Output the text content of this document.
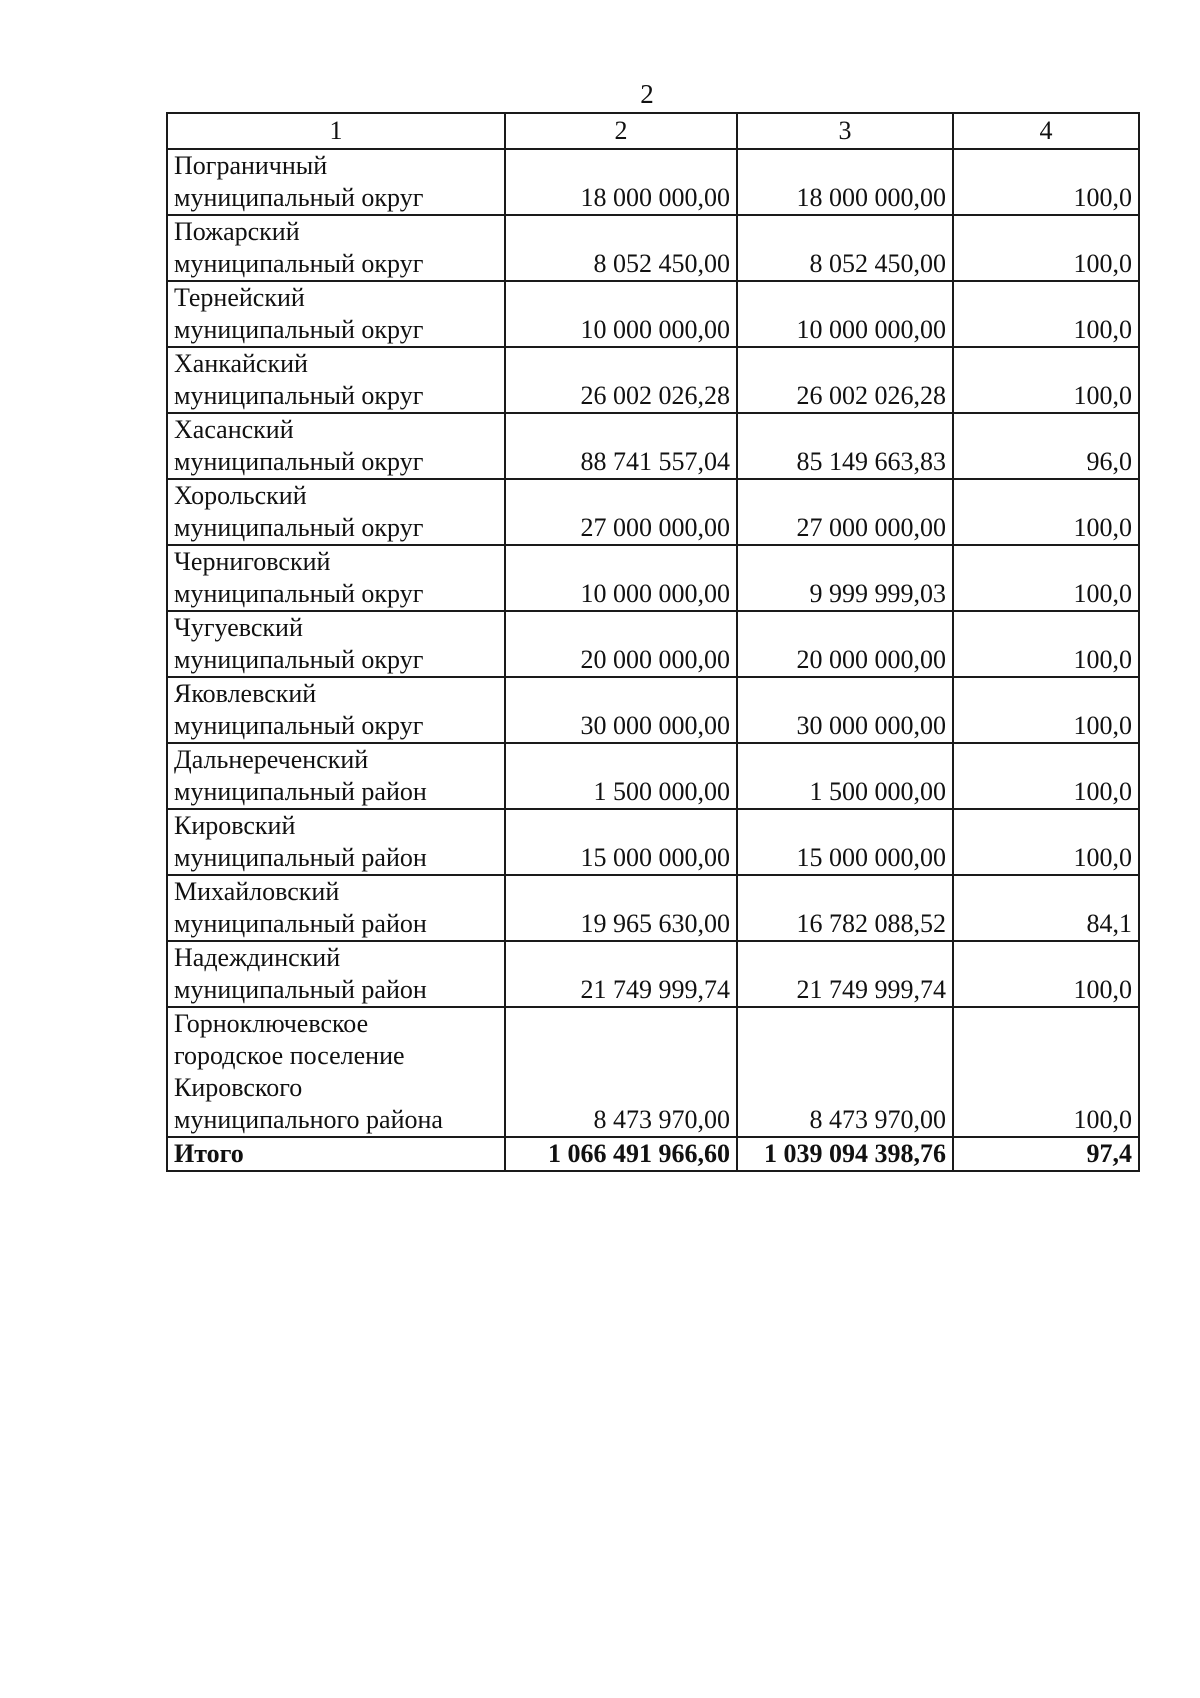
2
1	2	3	4

Пограничный
муниципальный округ	18 000 000,00	18 000 000,00	100,0

Пожарский
муниципальный округ	8 052 450,00	8 052 450,00	100,0

Тернейский
муниципальный округ	10 000 000,00	10 000 000,00	100,0

Ханкайский
муниципальный округ	26 002 026,28	26 002 026,28	100,0

Хасанский
муниципальный округ	88 741 557,04	85 149 663,83	96,0

Хорольский
муниципальный округ	27 000 000,00	27 000 000,00	100,0

Черниговский
муниципальный округ	10 000 000,00	9 999 999,03	100,0

Чугуевский
муниципальный округ	20 000 000,00	20 000 000,00	100,0

Яковлевский
муниципальный округ	30 000 000,00	30 000 000,00	100,0

Дальнереченский
муниципальный район	1 500 000,00	1 500 000,00	100,0

Кировский
муниципальный район	15 000 000,00	15 000 000,00	100,0

Михайловский
муниципальный район	19 965 630,00	16 782 088,52	84,1

Надеждинский
муниципальный район	21 749 999,74	21 749 999,74	100,0

Горноключевское
городское поселение
Кировского
муниципального района	8 473 970,00	8 473 970,00	100,0
Итого	1 066 491 966,60	1 039 094 398,76	97,4
